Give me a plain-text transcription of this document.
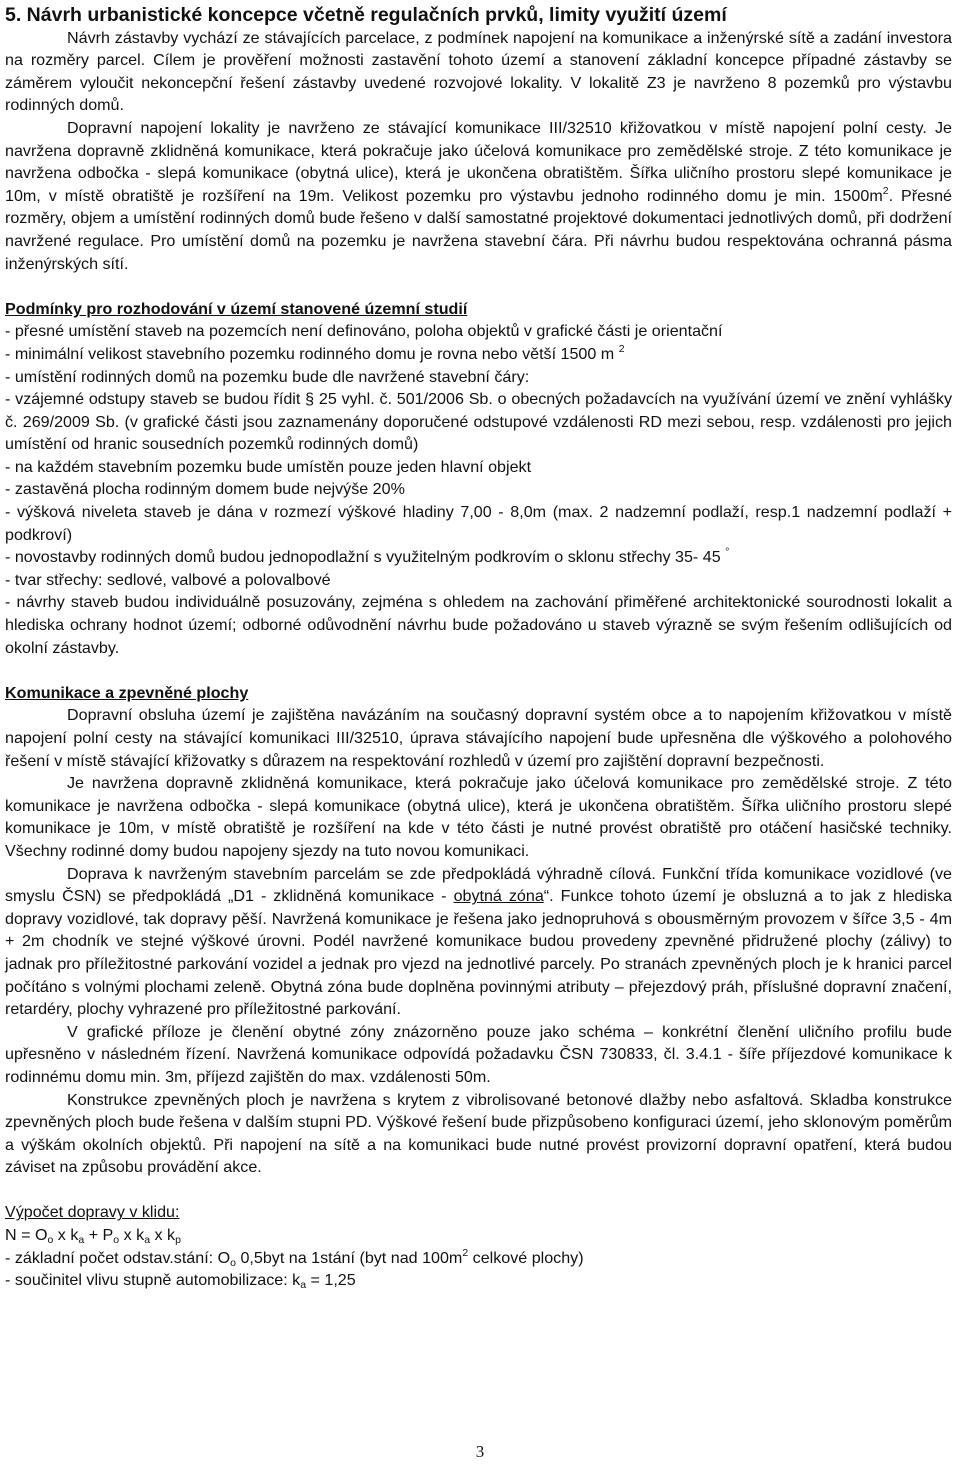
5. Návrh urbanistické koncepce včetně regulačních prvků, limity využití území

Návrh zástavby vychází ze stávajících parcelace, z podmínek napojení na komunikace a inženýrské sítě a zadání investora na rozměry parcel. Cílem je prověření možnosti zastavění tohoto území a stanovení základní koncepce případné zástavby se záměrem vyloučit nekoncepční řešení zástavby uvedené rozvojové lokality. V lokalitě Z3 je navrženo 8 pozemků pro výstavbu rodinných domů.

Dopravní napojení lokality je navrženo ze stávající komunikace III/32510 křižovatkou v místě napojení polní cesty. Je navržena dopravně zklidněná komunikace, která pokračuje jako účelová komunikace pro zemědělské stroje. Z této komunikace je navržena odbočka - slepá komunikace (obytná ulice), která je ukončena obratištěm. Šířka uličního prostoru slepé komunikace je 10m, v místě obratiště je rozšíření na 19m. Velikost pozemku pro výstavbu jednoho rodinného domu je min. $1500m^2$. Přesné rozměry, objem a umístění rodinných domů bude řešeno v další samostatné projektové dokumentaci jednotlivých domů, při dodržení navržené regulace. Pro umístění domů na pozemku je navržena stavební čára. Při návrhu budou respektována ochranná pásma inženýrských sítí.

Podmínky pro rozhodování v území stanovené územní studií

- přesné umístění staveb na pozemcích není definováno, poloha objektů v grafické části je orientační

- minimální velikost stavebního pozemku rodinného domu je rovna nebo větší 1500 m $^2$

- umístění rodinných domů na pozemku bude dle navržené stavební čáry:

- vzájemné odstupy staveb se budou řídit § 25 vyhl. č. 501/2006 Sb. o obecných požadavcích na využívání území ve znění vyhlášky č. 269/2009 Sb. (v grafické části jsou zaznamenány doporučené odstupové vzdálenosti RD mezi sebou, resp. vzdálenosti pro jejich umístění od hranic sousedních pozemků rodinných domů)

- na každém stavebním pozemku bude umístěn pouze jeden hlavní objekt

- zastavěná plocha rodinným domem bude nejvýše 20%

- výšková niveleta staveb je dána v rozmezí výškové hladiny 7,00 - 8,0m (max. 2 nadzemní podlaží, resp.1 nadzemní podlaží + podkroví)

- novostavby rodinných domů budou jednopodlažní s využitelným podkrovím o sklonu střechy 35- 45 °

- tvar střechy: sedlové, valbové a polovalbové

- návrhy staveb budou individuálně posuzovány, zejména s ohledem na zachování přiměřené architektonické sourodnosti lokalit a hlediska ochrany hodnot území; odborné odůvodnění návrhu bude požadováno u staveb výrazně se svým řešením odlišujících od okolní zástavby.

Komunikace a zpevněné plochy

Dopravní obsluha území je zajištěna navázáním na současný dopravní systém obce a to napojením křižovatkou v místě napojení polní cesty na stávající komunikaci III/32510, úprava stávajícího napojení bude upřesněna dle výškového a polohového řešení v místě stávající křižovatky s důrazem na respektování rozhledů v území pro zajištění dopravní bezpečnosti.

Je navržena dopravně zklidněná komunikace, která pokračuje jako účelová komunikace pro zemědělské stroje. Z této komunikace je navržena odbočka - slepá komunikace (obytná ulice), která je ukončena obratištěm. Šířka uličního prostoru slepé komunikace je 10m, v místě obratiště je rozšíření na kde v této části je nutné provést obratiště pro otáčení hasičské techniky. Všechny rodinné domy budou napojeny sjezdy na tuto novou komunikaci.

Doprava k navrženým stavebním parcelám se zde předpokládá výhradně cílová. Funkční třída komunikace vozidlové (ve smyslu ČSN) se předpokládá „D1 - zklidněná komunikace - obytná zóna“. Funkce tohoto území je obsluzná a to jak z hlediska dopravy vozidlové, tak dopravy pěší. Navržená komunikace je řešena jako jednopruhová s obousměrným provozem v šířce 3,5 - 4m + 2m chodník ve stejné výškové úrovni. Podél navržené komunikace budou provedeny zpevněné přidružené plochy (zálivy) to jadnak pro příležitostné parkování vozidel a jednak pro vjezd na jednotlivé parcely. Po stranách zpevněných ploch je k hranici parcel počítáno s volnými plochami zeleně. Obytná zóna bude doplněna povinnými atributy – přejezdový práh, příslušné dopravní značení, retardéry, plochy vyhrazené pro příležitostné parkování.

V grafické příloze je členění obytné zóny znázorněno pouze jako schéma – konkrétní členění uličního profilu bude upřesněno v následném řízení. Navržená komunikace odpovídá požadavku ČSN 730833, čl. 3.4.1 - šíře příjezdové komunikace k rodinnému domu min. 3m, příjezd zajištěn do max. vzdálenosti 50m.

Konstrukce zpevněných ploch je navržena s krytem z vibrolisované betonové dlažby nebo asfaltová. Skladba konstrukce zpevněných ploch bude řešena v dalším stupni PD. Výškové řešení bude přizpůsobeno konfiguraci území, jeho sklonovým poměrům a výškám okolních objektů. Při napojení na sítě a na komunikaci bude nutné provést provizorní dopravní opatření, která budou záviset na způsobu provádění akce.

Výpočet dopravy v klidu:

$N = O_o$ x $k_a + P_o$ x $k_a$ x $k_p$

- základní počet odstav.stání: $O_o$ 0,5byt na 1stání (byt nad $100m^2$ celkové plochy)

- součinitel vlivu stupně automobilizace: $k_a = 1,25$

3
